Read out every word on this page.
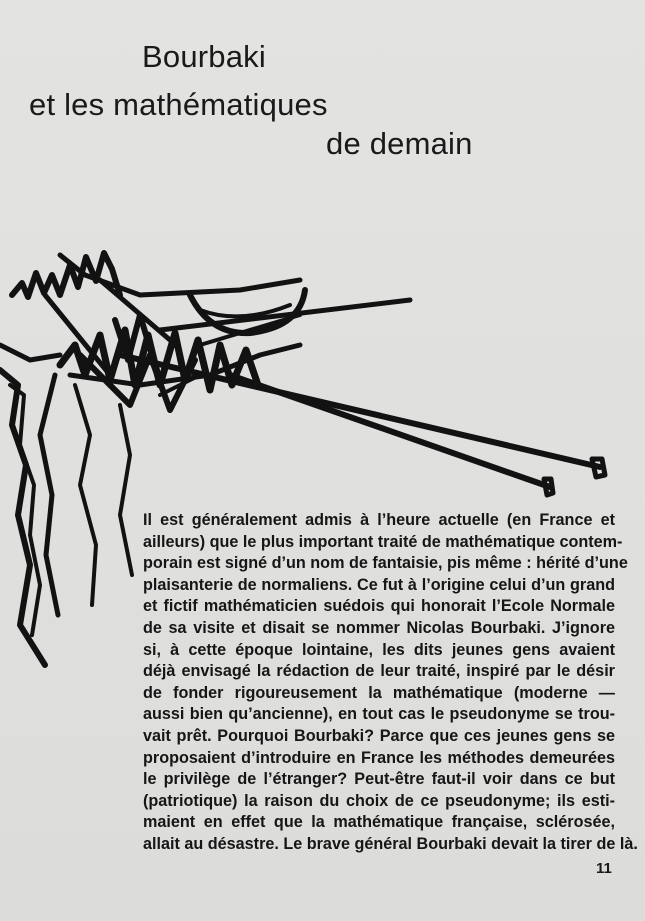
Bourbaki
et les mathématiques
de demain
Il est généralement admis à l’heure actuelle (en France et
ailleurs) que le plus important traité de mathématique contem-
porain est signé d’un nom de fantaisie, pis même : hérité d’une
plaisanterie de normaliens. Ce fut à l’origine celui d’un grand
et fictif mathématicien suédois qui honorait l’Ecole Normale
de sa visite et disait se nommer Nicolas Bourbaki. J’ignore
si, à cette époque lointaine, les dits jeunes gens avaient
déjà envisagé la rédaction de leur traité, inspiré par le désir
de fonder rigoureusement la mathématique (moderne —
aussi bien qu’ancienne), en tout cas le pseudonyme se trou-
vait prêt. Pourquoi Bourbaki? Parce que ces jeunes gens se
proposaient d’introduire en France les méthodes demeurées
le privilège de l’étranger? Peut-être faut-il voir dans ce but
(patriotique) la raison du choix de ce pseudonyme; ils esti-
maient en effet que la mathématique française, sclérosée,
allait au désastre. Le brave général Bourbaki devait la tirer de là.
11
